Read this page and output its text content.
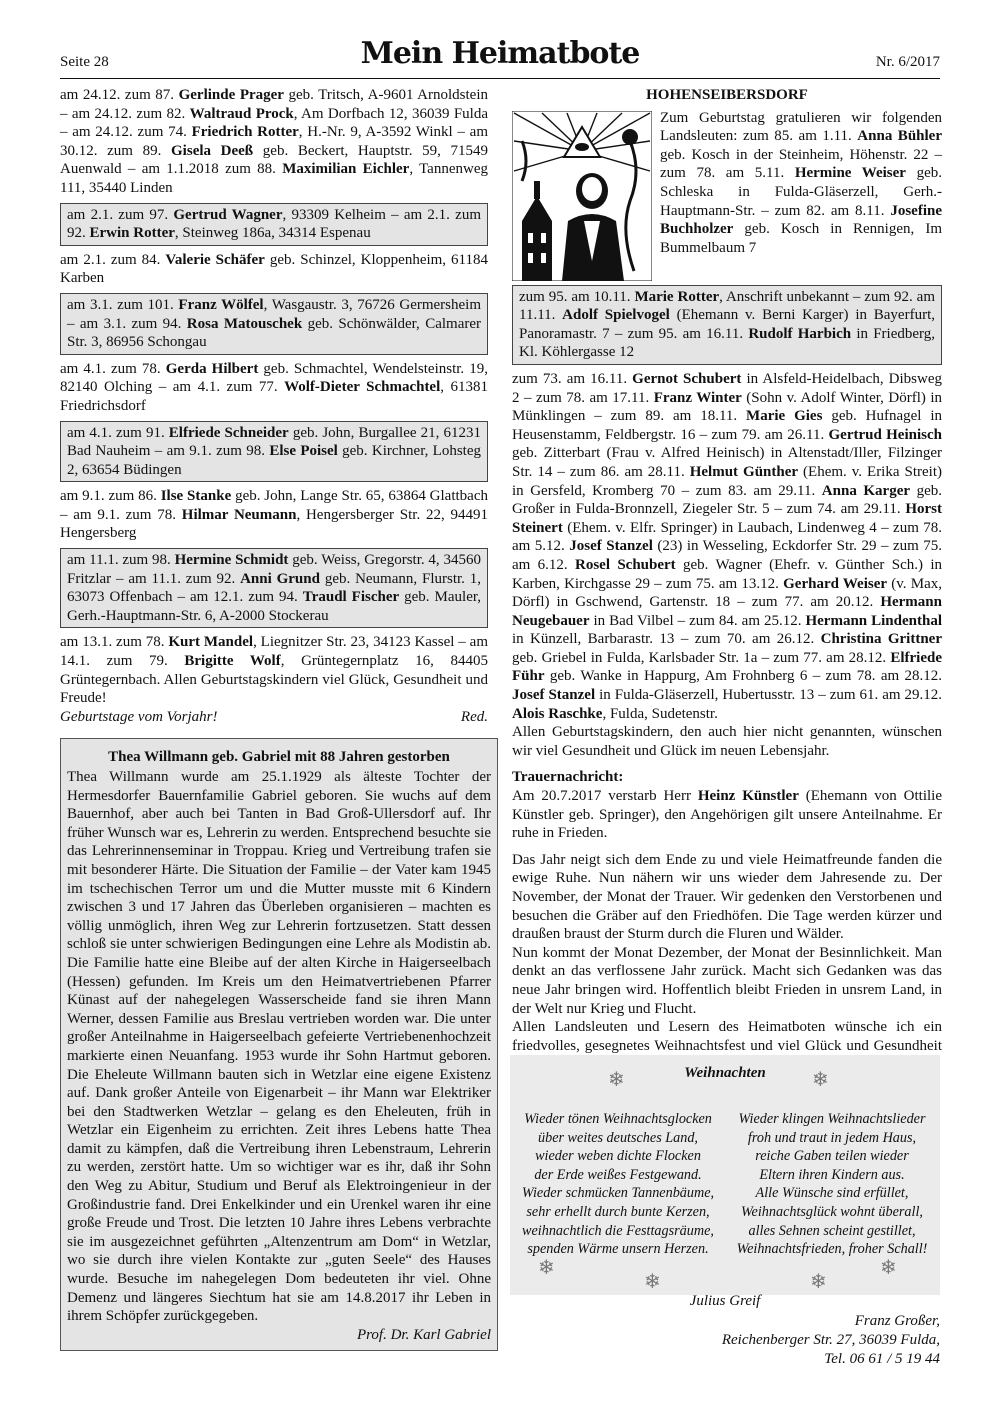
Seite 28	Mein Heimatbote	Nr. 6/2017

am 24.12. zum 87. Gerlinde Prager geb. Tritsch, A-9601 Arnoldstein – am 24.12. zum 82. Waltraud Prock, Am Dorfbach 12, 36039 Fulda – am 24.12. zum 74. Friedrich Rotter, H.-Nr. 9, A-3592 Winkl – am 30.12. zum 89. Gisela Deeß geb. Beckert, Hauptstr. 59, 71549 Auenwald – am 1.1.2018 zum 88. Maximilian Eichler, Tannenweg 111, 35440 Linden

am 2.1. zum 97. Gertrud Wagner, 93309 Kelheim – am 2.1. zum 92. Erwin Rotter, Steinweg 186a, 34314 Espenau

am 2.1. zum 84. Valerie Schäfer geb. Schinzel, Kloppenheim, 61184 Karben

am 3.1. zum 101. Franz Wölfel, Wasgaustr. 3, 76726 Germersheim – am 3.1. zum 94. Rosa Matouschek geb. Schönwälder, Calmarer Str. 3, 86956 Schongau

am 4.1. zum 78. Gerda Hilbert geb. Schmachtel, Wendelsteinstr. 19, 82140 Olching – am 4.1. zum 77. Wolf-Dieter Schmachtel, 61381 Friedrichsdorf

am 4.1. zum 91. Elfriede Schneider geb. John, Burgallee 21, 61231 Bad Nauheim – am 9.1. zum 98. Else Poisel geb. Kirchner, Lohsteg 2, 63654 Büdingen

am 9.1. zum 86. Ilse Stanke geb. John, Lange Str. 65, 63864 Glattbach – am 9.1. zum 78. Hilmar Neumann, Hengersberger Str. 22, 94491 Hengersberg

am 11.1. zum 98. Hermine Schmidt geb. Weiss, Gregorstr. 4, 34560 Fritzlar – am 11.1. zum 92. Anni Grund geb. Neumann, Flurstr. 1, 63073 Offenbach – am 12.1. zum 94. Traudl Fischer geb. Mauler, Gerh.-Hauptmann-Str. 6, A-2000 Stockerau

am 13.1. zum 78. Kurt Mandel, Liegnitzer Str. 23, 34123 Kassel – am 14.1. zum 79. Brigitte Wolf, Grüntegernplatz 16, 84405 Grüntegernbach. Allen Geburtstagskindern viel Glück, Gesundheit und Freude!

Geburtstage vom Vorjahr!	Red.
Thea Willmann geb. Gabriel mit 88 Jahren gestorben

Thea Willmann wurde am 25.1.1929 als älteste Tochter der Hermesdorfer Bauernfamilie Gabriel geboren. Sie wuchs auf dem Bauernhof, aber auch bei Tanten in Bad Groß-Ullersdorf auf. Ihr früher Wunsch war es, Lehrerin zu werden. Entsprechend besuchte sie das Lehrerinnenseminar in Troppau. Krieg und Vertreibung trafen sie mit besonderer Härte. Die Situation der Familie – der Vater kam 1945 im tschechischen Terror um und die Mutter musste mit 6 Kindern zwischen 3 und 17 Jahren das Überleben organisieren – machten es völlig unmöglich, ihren Weg zur Lehrerin fortzusetzen. Statt dessen schloß sie unter schwierigen Bedingungen eine Lehre als Modistin ab. Die Familie hatte eine Bleibe auf der alten Kirche in Haigerseelbach (Hessen) gefunden. Im Kreis um den Heimatvertriebenen Pfarrer Künast auf der nahegelegen Wasserscheide fand sie ihren Mann Werner, dessen Familie aus Breslau vertrieben worden war. Die unter großer Anteilnahme in Haigerseelbach gefeierte Vertriebenenhochzeit markierte einen Neuanfang. 1953 wurde ihr Sohn Hartmut geboren. Die Eheleute Willmann bauten sich in Wetzlar eine eigene Existenz auf. Dank großer Anteile von Eigenarbeit – ihr Mann war Elektriker bei den Stadtwerken Wetzlar – gelang es den Eheleuten, früh in Wetzlar ein Eigenheim zu errichten. Zeit ihres Lebens hatte Thea damit zu kämpfen, daß die Vertreibung ihren Lebenstraum, Lehrerin zu werden, zerstört hatte. Um so wichtiger war es ihr, daß ihr Sohn den Weg zu Abitur, Studium und Beruf als Elektroingenieur in der Großindustrie fand. Drei Enkelkinder und ein Urenkel waren ihr eine große Freude und Trost. Die letzten 10 Jahre ihres Lebens verbrachte sie im ausgezeichnet geführten „Altenzentrum am Dom“ in Wetzlar, wo sie durch ihre vielen Kontakte zur „guten Seele“ des Hauses wurde. Besuche im nahegelegen Dom bedeuteten ihr viel. Ohne Demenz und längeres Siechtum hat sie am 14.8.2017 ihr Leben in ihrem Schöpfer zurückgegeben.

Prof. Dr. Karl Gabriel
HOHENSEIBERSDORF

Zum Geburtstag gratulieren wir folgenden Landsleuten: zum 85. am 1.11. Anna Bühler geb. Kosch in der Steinheim, Höhenstr. 22 – zum 78. am 5.11. Hermine Weiser geb. Schleska in Fulda-Gläserzell, Gerh.-Hauptmann-Str. – zum 82. am 8.11. Josefine Buchholzer geb. Kosch in Rennigen, Im Bummelbaum 7

zum 95. am 10.11. Marie Rotter, Anschrift unbekannt – zum 92. am 11.11. Adolf Spielvogel (Ehemann v. Berni Karger) in Bayerfurt, Panoramastr. 7 – zum 95. am 16.11. Rudolf Harbich in Friedberg, Kl. Köhlergasse 12

zum 73. am 16.11. Gernot Schubert in Alsfeld-Heidelbach, Dibsweg 2 – zum 78. am 17.11. Franz Winter (Sohn v. Adolf Winter, Dörfl) in Münklingen – zum 89. am 18.11. Marie Gies geb. Hufnagel in Heusenstamm, Feldbergstr. 16 – zum 79. am 26.11. Gertrud Heinisch geb. Zitterbart (Frau v. Alfred Heinisch) in Altenstadt/Iller, Filzinger Str. 14 – zum 86. am 28.11. Helmut Günther (Ehem. v. Erika Streit) in Gersfeld, Kromberg 70 – zum 83. am 29.11. Anna Karger geb. Großer in Fulda-Bronnzell, Ziegeler Str. 5 – zum 74. am 29.11. Horst Steinert (Ehem. v. Elfr. Springer) in Laubach, Lindenweg 4 – zum 78. am 5.12. Josef Stanzel (23) in Wesseling, Eckdorfer Str. 29 – zum 75. am 6.12. Rosel Schubert geb. Wagner (Ehefr. v. Günther Sch.) in Karben, Kirchgasse 29 – zum 75. am 13.12. Gerhard Weiser (v. Max, Dörfl) in Gschwend, Gartenstr. 18 – zum 77. am 20.12. Hermann Neugebauer in Bad Vilbel – zum 84. am 25.12. Hermann Lindenthal in Künzell, Barbarastr. 13 – zum 70. am 26.12. Christina Grittner geb. Griebel in Fulda, Karlsbader Str. 1a – zum 77. am 28.12. Elfriede Führ geb. Wanke in Happurg, Am Frohnberg 6 – zum 78. am 28.12. Josef Stanzel in Fulda-Gläserzell, Hubertusstr. 13 – zum 61. am 29.12. Alois Raschke, Fulda, Sudetenstr.

Allen Geburtstagskindern, den auch hier nicht genannten, wünschen wir viel Gesundheit und Glück im neuen Lebensjahr.

Trauernachricht:

Am 20.7.2017 verstarb Herr Heinz Künstler (Ehemann von Ottilie Künstler geb. Springer), den Angehörigen gilt unsere Anteilnahme. Er ruhe in Frieden.

Das Jahr neigt sich dem Ende zu und viele Heimatfreunde fanden die ewige Ruhe. Nun nähern wir uns wieder dem Jahresende zu. Der November, der Monat der Trauer. Wir gedenken den Verstorbenen und besuchen die Gräber auf den Friedhöfen. Die Tage werden kürzer und draußen braust der Sturm durch die Fluren und Wälder.

Nun kommt der Monat Dezember, der Monat der Besinnlichkeit. Man denkt an das verflossene Jahr zurück. Macht sich Gedanken was das neue Jahr bringen wird. Hoffentlich bleibt Frieden in unsrem Land, in der Welt nur Krieg und Flucht.

Allen Landsleuten und Lesern des Heimatboten wünsche ich ein friedvolles, gesegnetes Weihnachtsfest und viel Glück und Gesundheit

❄	❄
Weihnachten
Wieder tönen Weihnachtsglocken
über weites deutsches Land,
wieder weben dichte Flocken
der Erde weißes Festgewand.
Wieder schmücken Tannenbäume,
sehr erhellt durch bunte Kerzen,
weihnachtlich die Festtagsräume,
spenden Wärme unsern Herzen.
Wieder klingen Weihnachtslieder
froh und traut in jedem Haus,
reiche Gaben teilen wieder
Eltern ihren Kindern aus.
Alle Wünsche sind erfüllet,
Weihnachtsglück wohnt überall,
alles Sehnen scheint gestillet,
Weihnachtsfrieden, froher Schall!
❄
❄	❄
❄
Julius Greif
Franz Großer,
Reichenberger Str. 27, 36039 Fulda,
Tel. 06 61 / 5 19 44
